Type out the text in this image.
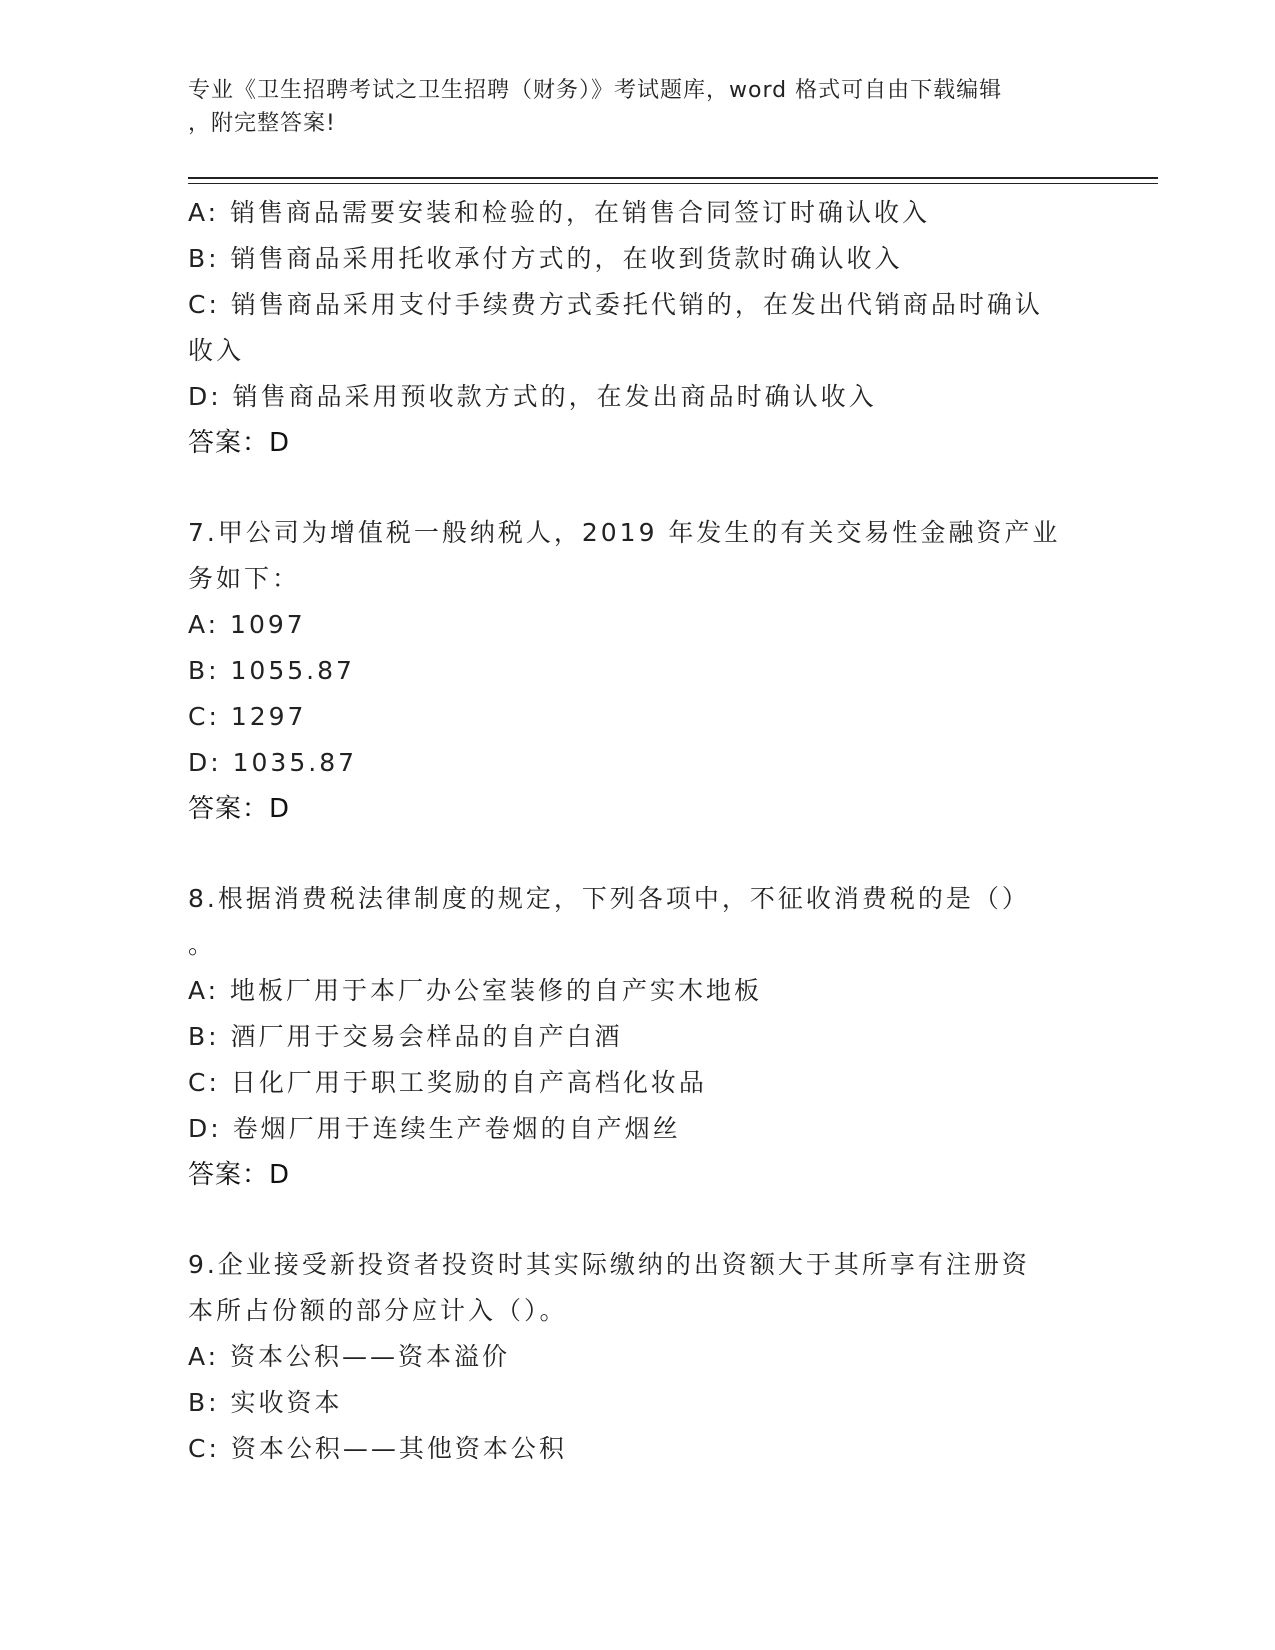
专业《卫生招聘考试之卫生招聘（财务）》考试题库，word 格式可自由下载编辑
，附完整答案!
A: 销售商品需要安装和检验的，在销售合同签订时确认收入
B: 销售商品采用托收承付方式的，在收到货款时确认收入
C: 销售商品采用支付手续费方式委托代销的，在发出代销商品时确认
收入
D: 销售商品采用预收款方式的，在发出商品时确认收入
答案：D
7.甲公司为增值税一般纳税人，2019 年发生的有关交易性金融资产业
务如下：
A: 1097
B: 1055.87
C: 1297
D: 1035.87
答案：D
8.根据消费税法律制度的规定，下列各项中，不征收消费税的是（）
。
A: 地板厂用于本厂办公室装修的自产实木地板
B: 酒厂用于交易会样品的自产白酒
C: 日化厂用于职工奖励的自产高档化妆品
D: 卷烟厂用于连续生产卷烟的自产烟丝
答案：D
9.企业接受新投资者投资时其实际缴纳的出资额大于其所享有注册资
本所占份额的部分应计入（）。
A: 资本公积——资本溢价
B: 实收资本
C: 资本公积——其他资本公积
